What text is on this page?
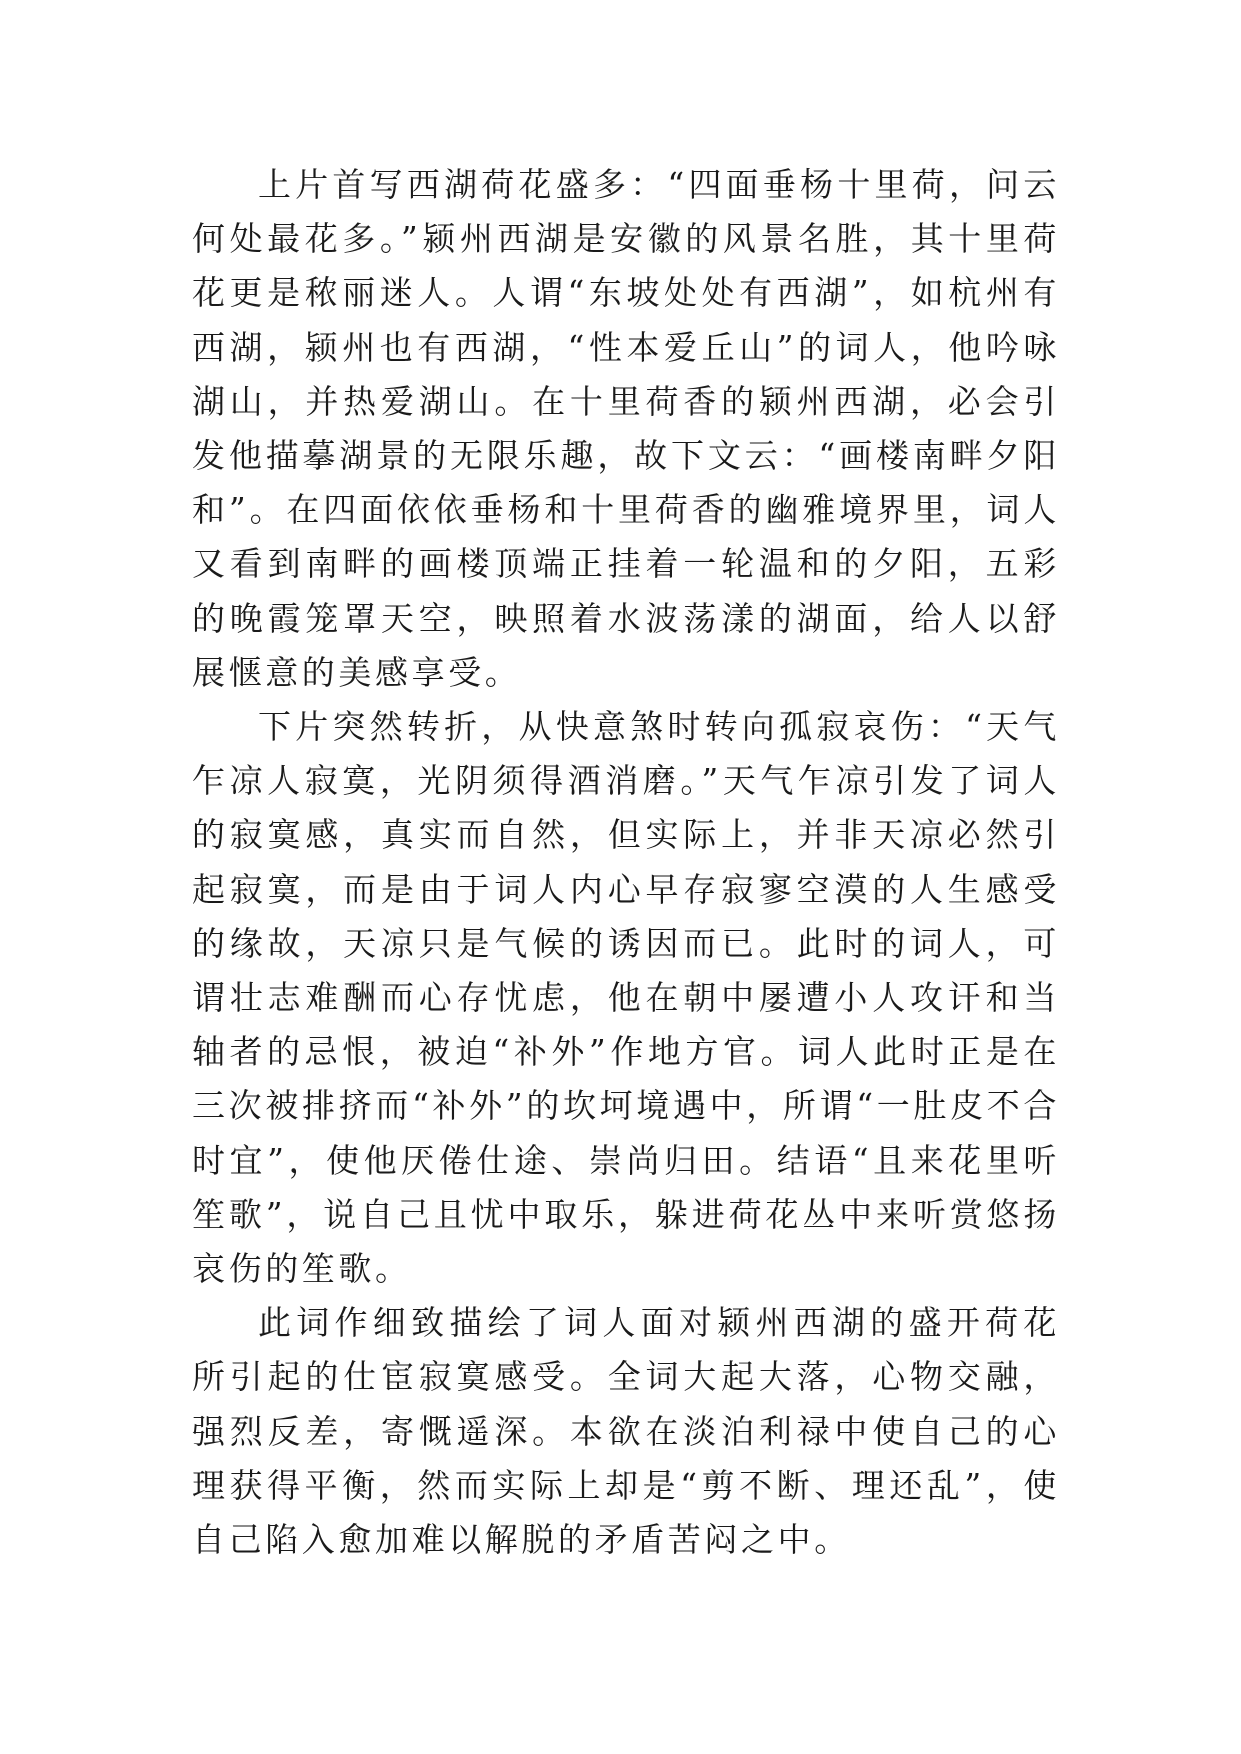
上片首写西湖荷花盛多：“四面垂杨十里荷，问云何处最花多。”颍州西湖是安徽的风景名胜，其十里荷花更是秾丽迷人。人谓“东坡处处有西湖”，如杭州有西湖，颍州也有西湖，“性本爱丘山”的词人，他吟咏湖山，并热爱湖山。在十里荷香的颍州西湖，必会引发他描摹湖景的无限乐趣，故下文云：“画楼南畔夕阳和”。在四面依依垂杨和十里荷香的幽雅境界里，词人又看到南畔的画楼顶端正挂着一轮温和的夕阳，五彩的晚霞笼罩天空，映照着水波荡漾的湖面，给人以舒展惬意的美感享受。

下片突然转折，从快意煞时转向孤寂哀伤：“天气乍凉人寂寞，光阴须得酒消磨。”天气乍凉引发了词人的寂寞感，真实而自然，但实际上，并非天凉必然引起寂寞，而是由于词人内心早存寂寥空漠的人生感受的缘故，天凉只是气候的诱因而已。此时的词人，可谓壮志难酬而心存忧虑，他在朝中屡遭小人攻讦和当轴者的忌恨，被迫“补外”作地方官。词人此时正是在三次被排挤而“补外”的坎坷境遇中，所谓“一肚皮不合时宜”，使他厌倦仕途、崇尚归田。结语“且来花里听笙歌”，说自己且忧中取乐，躲进荷花丛中来听赏悠扬哀伤的笙歌。

此词作细致描绘了词人面对颍州西湖的盛开荷花所引起的仕宦寂寞感受。全词大起大落，心物交融，强烈反差，寄慨遥深。本欲在淡泊利禄中使自己的心理获得平衡，然而实际上却是“剪不断、理还乱”，使自己陷入愈加难以解脱的矛盾苦闷之中。
